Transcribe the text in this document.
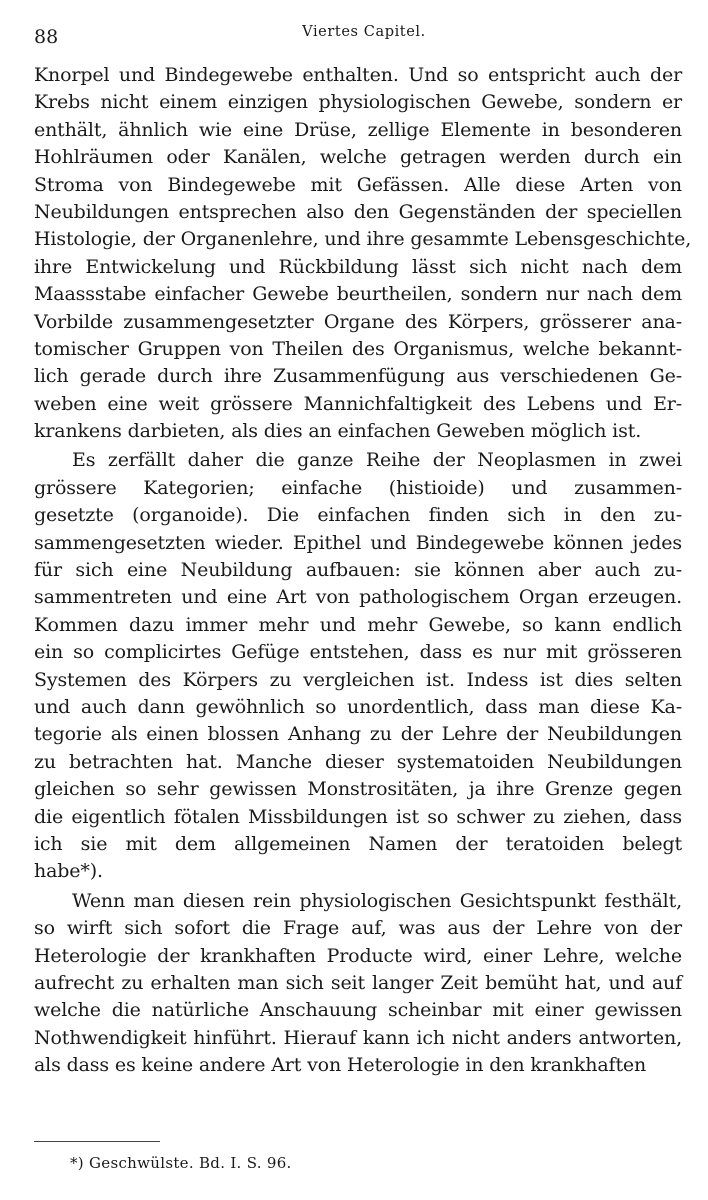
88	Viertes Capitel.
Knorpel und Bindegewebe enthalten. Und so entspricht auch der
Krebs nicht einem einzigen physiologischen Gewebe, sondern er
enthält, ähnlich wie eine Drüse, zellige Elemente in besonderen
Hohlräumen oder Kanälen, welche getragen werden durch ein
Stroma von Bindegewebe mit Gefässen. Alle diese Arten von
Neubildungen entsprechen also den Gegenständen der speciellen
Histologie, der Organenlehre, und ihre gesammte Lebensgeschichte,
ihre Entwickelung und Rückbildung lässt sich nicht nach dem
Maassstabe einfacher Gewebe beurtheilen, sondern nur nach dem
Vorbilde zusammengesetzter Organe des Körpers, grösserer ana-
tomischer Gruppen von Theilen des Organismus, welche bekannt-
lich gerade durch ihre Zusammenfügung aus verschiedenen Ge-
weben eine weit grössere Mannichfaltigkeit des Lebens und Er-
krankens darbieten, als dies an einfachen Geweben möglich ist.
Es zerfällt daher die ganze Reihe der Neoplasmen in zwei
grössere Kategorien; einfache (histioide) und zusammen-
gesetzte (organoide). Die einfachen finden sich in den zu-
sammengesetzten wieder. Epithel und Bindegewebe können jedes
für sich eine Neubildung aufbauen: sie können aber auch zu-
sammentreten und eine Art von pathologischem Organ erzeugen.
Kommen dazu immer mehr und mehr Gewebe, so kann endlich
ein so complicirtes Gefüge entstehen, dass es nur mit grösseren
Systemen des Körpers zu vergleichen ist. Indess ist dies selten
und auch dann gewöhnlich so unordentlich, dass man diese Ka-
tegorie als einen blossen Anhang zu der Lehre der Neubildungen
zu betrachten hat. Manche dieser systematoiden Neubildungen
gleichen so sehr gewissen Monstrositäten, ja ihre Grenze gegen
die eigentlich fötalen Missbildungen ist so schwer zu ziehen, dass
ich sie mit dem allgemeinen Namen der teratoiden belegt
habe*).
Wenn man diesen rein physiologischen Gesichtspunkt festhält,
so wirft sich sofort die Frage auf, was aus der Lehre von der
Heterologie der krankhaften Producte wird, einer Lehre, welche
aufrecht zu erhalten man sich seit langer Zeit bemüht hat, und auf
welche die natürliche Anschauung scheinbar mit einer gewissen
Nothwendigkeit hinführt. Hierauf kann ich nicht anders antworten,
als dass es keine andere Art von Heterologie in den krankhaften
*) Geschwülste. Bd. I. S. 96.
